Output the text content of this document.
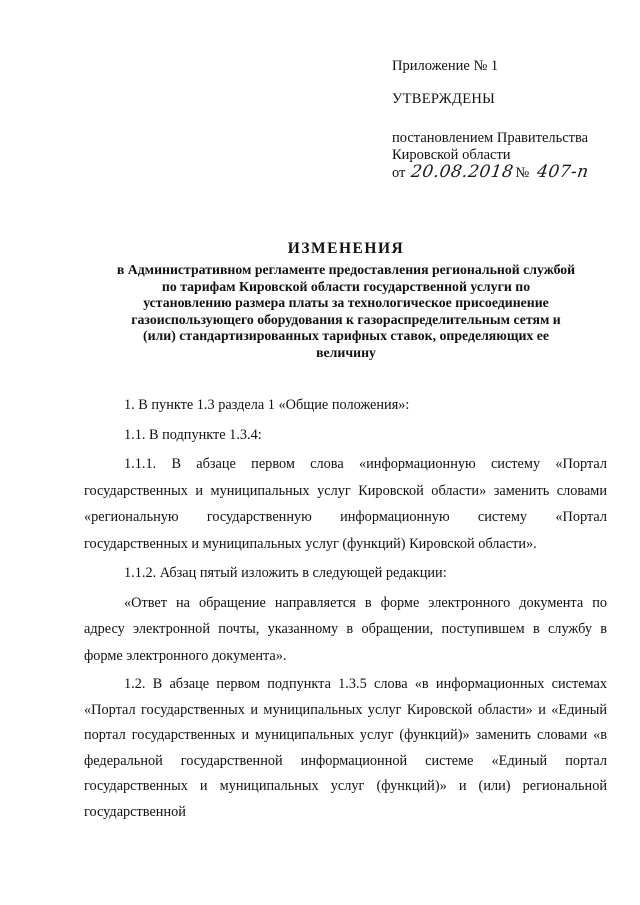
Приложение № 1
УТВЕРЖДЕНЫ
постановлением Правительства
Кировской области
от 20.08.2018 № 407-п
ИЗМЕНЕНИЯ
в Административном регламенте предоставления региональной службой
по тарифам Кировской области государственной услуги по
установлению размера платы за технологическое присоединение
газоиспользующего оборудования к газораспределительным сетям и
(или) стандартизированных тарифных ставок, определяющих ее
величину

1. В пункте 1.3 раздела 1 «Общие положения»:

1.1. В подпункте 1.3.4:

1.1.1. В абзаце первом слова «информационную систему «Портал государственных и муниципальных услуг Кировской области» заменить словами «региональную государственную информационную систему «Портал государственных и муниципальных услуг (функций) Кировской области».

1.1.2. Абзац пятый изложить в следующей редакции:

«Ответ на обращение направляется в форме электронного документа по адресу электронной почты, указанному в обращении, поступившем в службу в форме электронного документа».

1.2. В абзаце первом подпункта 1.3.5 слова «в информационных системах «Портал государственных и муниципальных услуг Кировской области» и «Единый портал государственных и муниципальных услуг (функций)» заменить словами «в федеральной государственной информационной системе «Единый портал государственных и муниципальных услуг (функций)» и (или) региональной государственной
